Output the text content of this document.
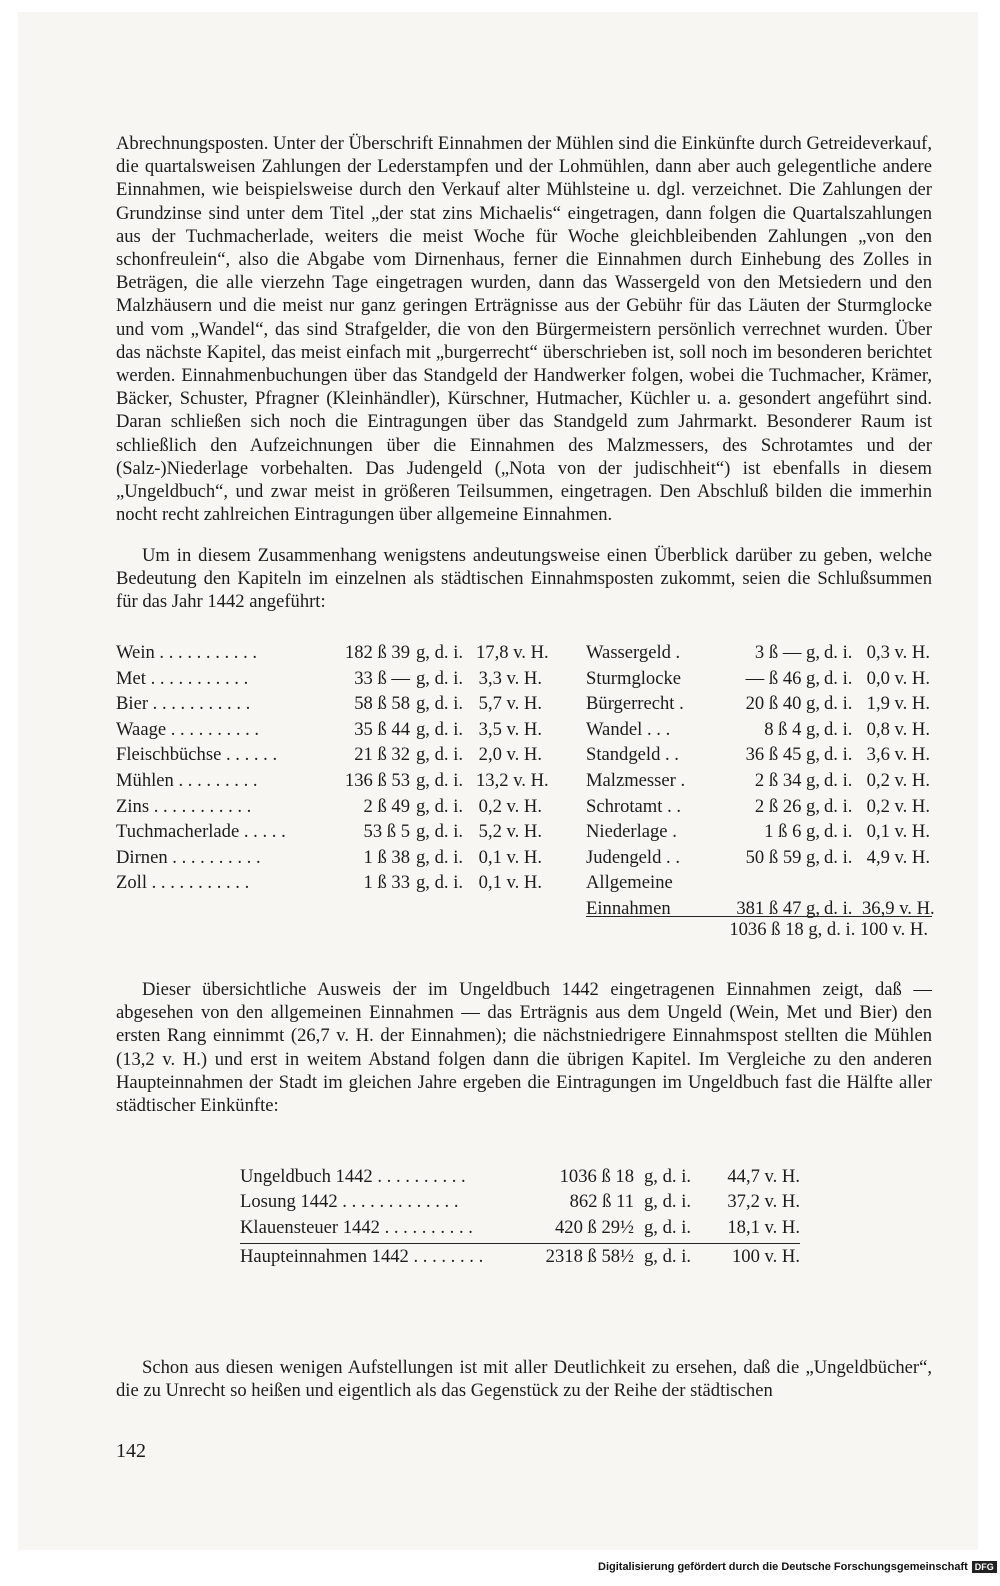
Abrechnungsposten. Unter der Überschrift Einnahmen der Mühlen sind die Einkünfte durch Getreideverkauf, die quartalsweisen Zahlungen der Lederstampfen und der Lohmühlen, dann aber auch gelegentliche andere Einnahmen, wie beispielsweise durch den Verkauf alter Mühlsteine u. dgl. verzeichnet. Die Zahlungen der Grundzinse sind unter dem Titel „der stat zins Michaelis“ eingetragen, dann folgen die Quartalszahlungen aus der Tuchmacherlade, weiters die meist Woche für Woche gleichbleibenden Zahlungen „von den schonfreulein“, also die Abgabe vom Dirnenhaus, ferner die Einnahmen durch Einhebung des Zolles in Beträgen, die alle vierzehn Tage eingetragen wurden, dann das Wassergeld von den Metsiedern und den Malzhäusern und die meist nur ganz geringen Erträgnisse aus der Gebühr für das Läuten der Sturmglocke und vom „Wandel“, das sind Strafgelder, die von den Bürgermeistern persönlich verrechnet wurden. Über das nächste Kapitel, das meist einfach mit „burgerrecht“ überschrieben ist, soll noch im besonderen berichtet werden. Einnahmenbuchungen über das Standgeld der Handwerker folgen, wobei die Tuchmacher, Krämer, Bäcker, Schuster, Pfragner (Kleinhändler), Kürschner, Hutmacher, Küchler u. a. gesondert angeführt sind. Daran schließen sich noch die Eintragungen über das Standgeld zum Jahrmarkt. Besonderer Raum ist schließlich den Aufzeichnungen über die Einnahmen des Malzmessers, des Schrotamtes und der (Salz-)Niederlage vorbehalten. Das Judengeld („Nota von der judischheit“) ist ebenfalls in diesem „Ungeldbuch“, und zwar meist in größeren Teilsummen, eingetragen. Den Abschluß bilden die immerhin nocht recht zahlreichen Eintragungen über allgemeine Einnahmen.

Um in diesem Zusammenhang wenigstens andeutungsweise einen Überblick darüber zu geben, welche Bedeutung den Kapiteln im einzelnen als städtischen Einnahmsposten zukommt, seien die Schlußsummen für das Jahr 1442 angeführt:

Wein . . . . . . . . . . .	182 ß 39 g, d. i. 17,8 v. H.
Met . . . . . . . . . . .	33 ß — g, d. i. 3,3 v. H.
Bier . . . . . . . . . . .	58 ß 58 g, d. i. 5,7 v. H.
Waage . . . . . . . . . .	35 ß 44 g, d. i. 3,5 v. H.
Fleischbüchse . . . . . .	21 ß 32 g, d. i. 2,0 v. H.
Mühlen . . . . . . . . .	136 ß 53 g, d. i. 13,2 v. H.
Zins . . . . . . . . . . .	2 ß 49 g, d. i. 0,2 v. H.
Tuchmacherlade . . . . .	53 ß 5 g, d. i. 5,2 v. H.
Dirnen . . . . . . . . . .	1 ß 38 g, d. i. 0,1 v. H.
Zoll . . . . . . . . . . .	1 ß 33 g, d. i. 0,1 v. H.
Wassergeld .	3 ß — g, d. i. 0,3 v. H.
Sturmglocke	— ß 46 g, d. i. 0,0 v. H.
Bürgerrecht .	20 ß 40 g, d. i. 1,9 v. H.
Wandel . . .	8 ß 4 g, d. i. 0,8 v. H.
Standgeld . .	36 ß 45 g, d. i. 3,6 v. H.
Malzmesser .	2 ß 34 g, d. i. 0,2 v. H.
Schrotamt . .	2 ß 26 g, d. i. 0,2 v. H.
Niederlage .	1 ß 6 g, d. i. 0,1 v. H.
Judengeld . .	50 ß 59 g, d. i. 4,9 v. H.
Allgemeine
Einnahmen	381 ß 47 g, d. i. 36,9 v. H.
1036 ß 18 g, d. i. 100 v. H.

Dieser übersichtliche Ausweis der im Ungeldbuch 1442 eingetragenen Einnahmen zeigt, daß — abgesehen von den allgemeinen Einnahmen — das Erträgnis aus dem Ungeld (Wein, Met und Bier) den ersten Rang einnimmt (26,7 v. H. der Einnahmen); die nächstniedrigere Einnahmspost stellten die Mühlen (13,2 v. H.) und erst in weitem Abstand folgen dann die übrigen Kapitel. Im Vergleiche zu den anderen Haupteinnahmen der Stadt im gleichen Jahre ergeben die Eintragungen im Ungeldbuch fast die Hälfte aller städtischer Einkünfte:

Ungeldbuch 1442 . . . . . . . . . .	1036 ß 18 g, d. i.	44,7 v. H.
Losung 1442 . . . . . . . . . . . . .	862 ß 11 g, d. i.	37,2 v. H.
Klauensteuer 1442 . . . . . . . . . .	420 ß 29½ g, d. i.	18,1 v. H.
Haupteinnahmen 1442 . . . . . . . .	2318 ß 58½ g, d. i.	100 v. H.

Schon aus diesen wenigen Aufstellungen ist mit aller Deutlichkeit zu ersehen, daß die „Ungeldbücher“, die zu Unrecht so heißen und eigentlich als das Gegenstück zu der Reihe der städtischen

142
Digitalisierung gefördert durch die Deutsche Forschungsgemeinschaft DFG
